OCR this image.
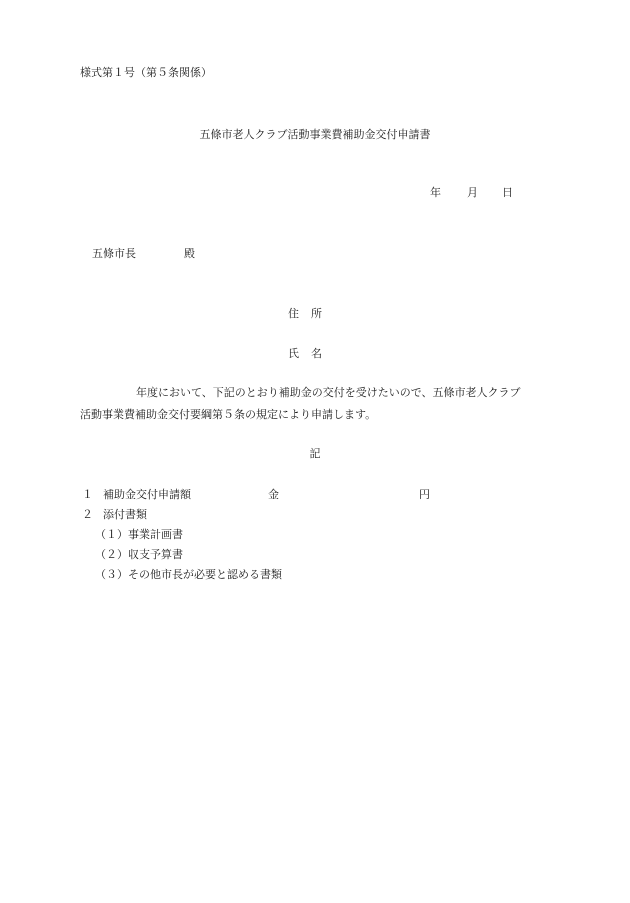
様式第１号（第５条関係）
五條市老人クラブ活動事業費補助金交付申請書
年 月 日
五條市長	殿
住所
氏名
年度において、下記のとおり補助金の交付を受けたいので、五條市老人クラブ
活動事業費補助金交付要綱第５条の規定により申請します。
記
１ 補助金交付申請額	金	円
２ 添付書類
（１） 事業計画書
（２） 収支予算書
（３） その他市長が必要と認める書類
